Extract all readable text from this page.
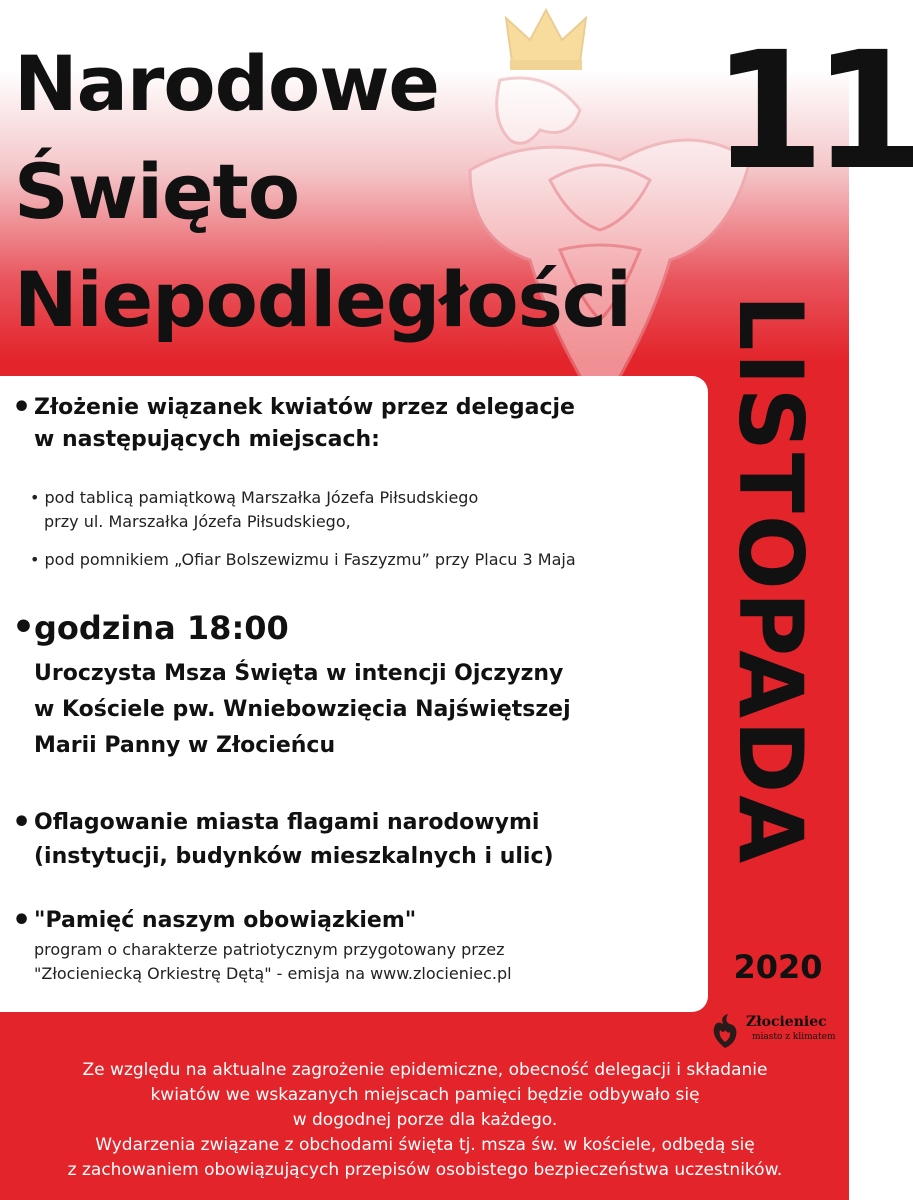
Narodowe
Święto
Niepodległości
11
LISTOPADA
2020
• Złożenie wiązanek kwiatów przez delegacje
w następujących miejscach:
• pod tablicą pamiątkową Marszałka Józefa Piłsudskiego
przy ul. Marszałka Józefa Piłsudskiego,
• pod pomnikiem „Ofiar Bolszewizmu i Faszyzmu” przy Placu 3 Maja
•
godzina 18:00
Uroczysta Msza Święta w intencji Ojczyzny
w Kościele pw. Wniebowzięcia Najświętszej
Marii Panny w Złocieńcu
• Oflagowanie miasta flagami narodowymi
(instytucji, budynków mieszkalnych i ulic)
• "Pamięć naszym obowiązkiem"
program o charakterze patriotycznym przygotowany przez
"Złocieniecką Orkiestrę Dętą" - emisja na www.zlocieniec.pl
Złocieniec
miasto z klimatem
Ze względu na aktualne zagrożenie epidemiczne, obecność delegacji i składanie
kwiatów we wskazanych miejscach pamięci będzie odbywało się
w dogodnej porze dla każdego.
Wydarzenia związane z obchodami święta tj. msza św. w kościele, odbędą się
z zachowaniem obowiązujących przepisów osobistego bezpieczeństwa uczestników.
